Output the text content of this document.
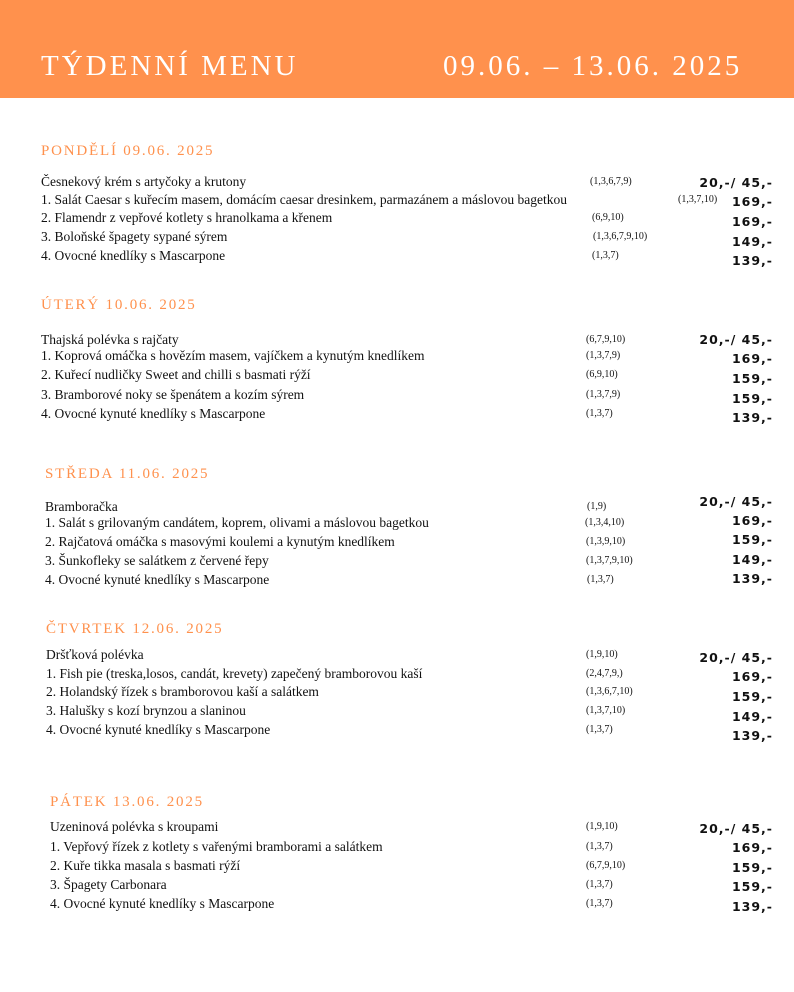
TÝDENNÍ MENU	09.06. – 13.06. 2025
PONDĚLÍ 09.06. 2025
Česnekový krém s artyčoky a krutony	(1,3,6,7,9)	20,-/ 45,-
1. Salát Caesar s kuřecím masem, domácím caesar dresinkem, parmazánem a máslovou bagetkou	(1,3,7,10) 169,-
2. Flamendr z vepřové kotlety s hranolkama a křenem	(6,9,10)	169,-
3. Boloňské špagety sypané sýrem	(1,3,6,7,9,10)	149,-
4. Ovocné knedlíky s Mascarpone	(1,3,7)	139,-
ÚTERÝ 10.06. 2025
Thajská polévka s rajčaty	(6,7,9,10)	20,-/ 45,-
1. Koprová omáčka s hovězím masem, vajíčkem a kynutým knedlíkem	(1,3,7,9)	169,-
2. Kuřecí nudličky Sweet and chilli s basmati rýží	(6,9,10)	159,-
3. Bramborové noky se špenátem a kozím sýrem	(1,3,7,9)	159,-
4. Ovocné kynuté knedlíky s Mascarpone	(1,3,7)	139,-
STŘEDA 11.06. 2025
Bramboračka	(1,9)	20,-/ 45,-
1. Salát s grilovaným candátem, koprem, olivami a máslovou bagetkou	(1,3,4,10)	169,-
2. Rajčatová omáčka s masovými koulemi a kynutým knedlíkem	(1,3,9,10)	159,-
3. Šunkofleky se salátkem z červené řepy	(1,3,7,9,10)	149,-
4. Ovocné kynuté knedlíky s Mascarpone	(1,3,7)	139,-
ČTVRTEK 12.06. 2025
Dršťková polévka	(1,9,10)	20,-/ 45,-
1. Fish pie (treska,losos, candát, krevety) zapečený bramborovou kaší	(2,4,7,9,)	169,-
2. Holandský řízek s bramborovou kaší a salátkem	(1,3,6,7,10)	159,-
3. Halušky s kozí brynzou a slaninou	(1,3,7,10)	149,-
4. Ovocné kynuté knedlíky s Mascarpone	(1,3,7)	139,-
PÁTEK 13.06. 2025
Uzeninová polévka s kroupami	(1,9,10)	20,-/ 45,-
1. Vepřový řízek z kotlety s vařenými bramborami a salátkem	(1,3,7)	169,-
2. Kuře tikka masala s basmati rýží	(6,7,9,10)	159,-
3. Špagety Carbonara	(1,3,7)	159,-
4. Ovocné kynuté knedlíky s Mascarpone	(1,3,7)	139,-
